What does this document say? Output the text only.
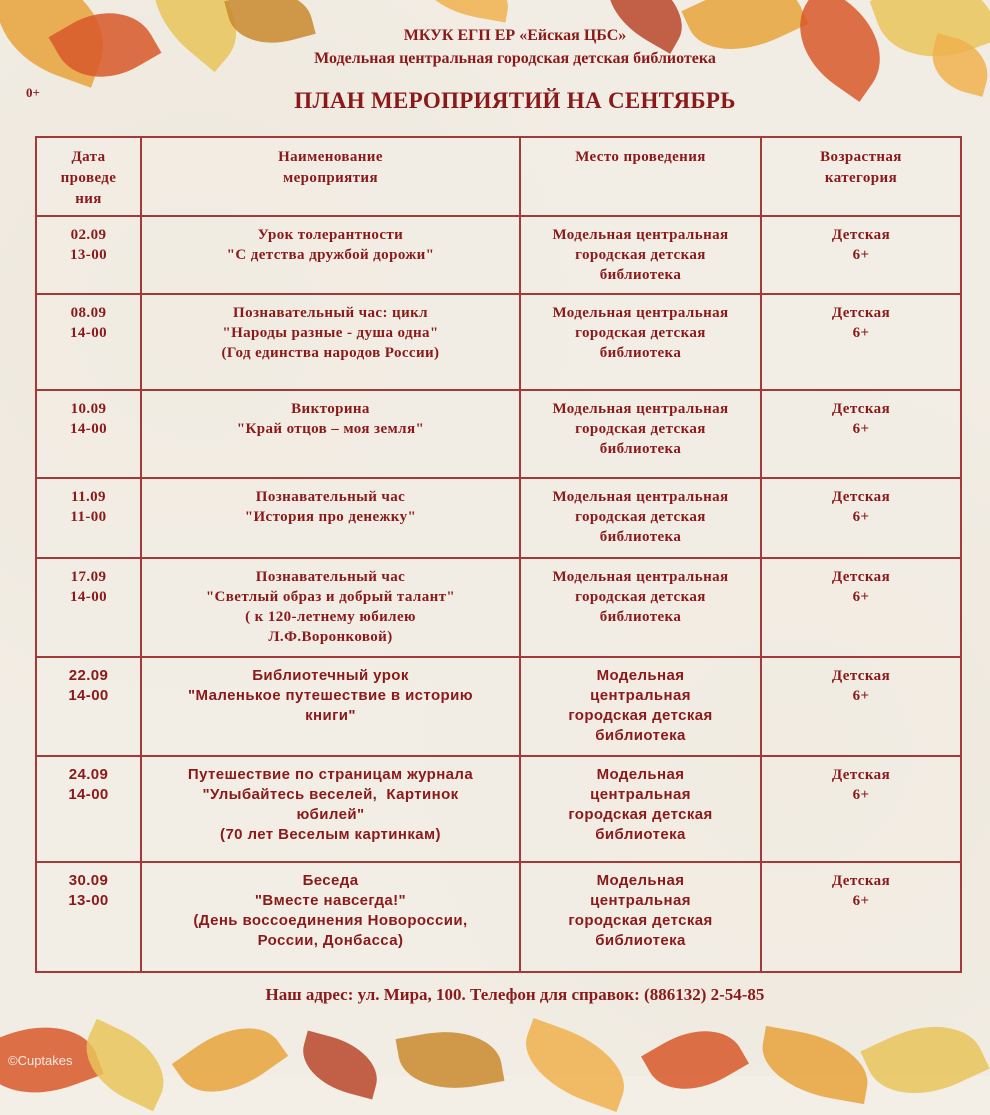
МКУК ЕГП ЕР «Ейская ЦБС»
Модельная центральная городская детская библиотека
0+	ПЛАН МЕРОПРИЯТИЙ НА СЕНТЯБРЬ
Дата
проведе
ния	Наименование
мероприятия	Место проведения	Возрастная
категория

02.09
13-00	Урок толерантности
"С детства дружбой дорожи"	Модельная центральная
городская детская
библиотека	Детская
6+

08.09
14-00	Познавательный час: цикл
"Народы разные - душа одна"
(Год единства народов России)	Модельная центральная
городская детская
библиотека	Детская
6+

10.09
14-00	Викторина
"Край отцов – моя земля"	Модельная центральная
городская детская
библиотека	Детская
6+

11.09
11-00	Познавательный час
"История про денежку"	Модельная центральная
городская детская
библиотека	Детская
6+

17.09
14-00	Познавательный час
"Светлый образ и добрый талант"
( к 120-летнему юбилею
Л.Ф.Воронковой)	Модельная центральная
городская детская
библиотека	Детская
6+

22.09
14-00	Библиотечный урок
"Маленькое путешествие в историю
книги"	Модельная
центральная
городская детская
библиотека	Детская
6+

24.09
14-00	Путешествие по страницам журнала
"Улыбайтесь веселей,  Картинок
юбилей"
(70 лет Веселым картинкам)	Модельная
центральная
городская детская
библиотека	Детская
6+

30.09
13-00	Беседа
"Вместе навсегда!"
(День воссоединения Новороссии,
России, Донбасса)	Модельная
центральная
городская детская
библиотека	Детская
6+
Наш адрес: ул. Мира, 100. Телефон для справок: (886132) 2-54-85
©Cuptakes
